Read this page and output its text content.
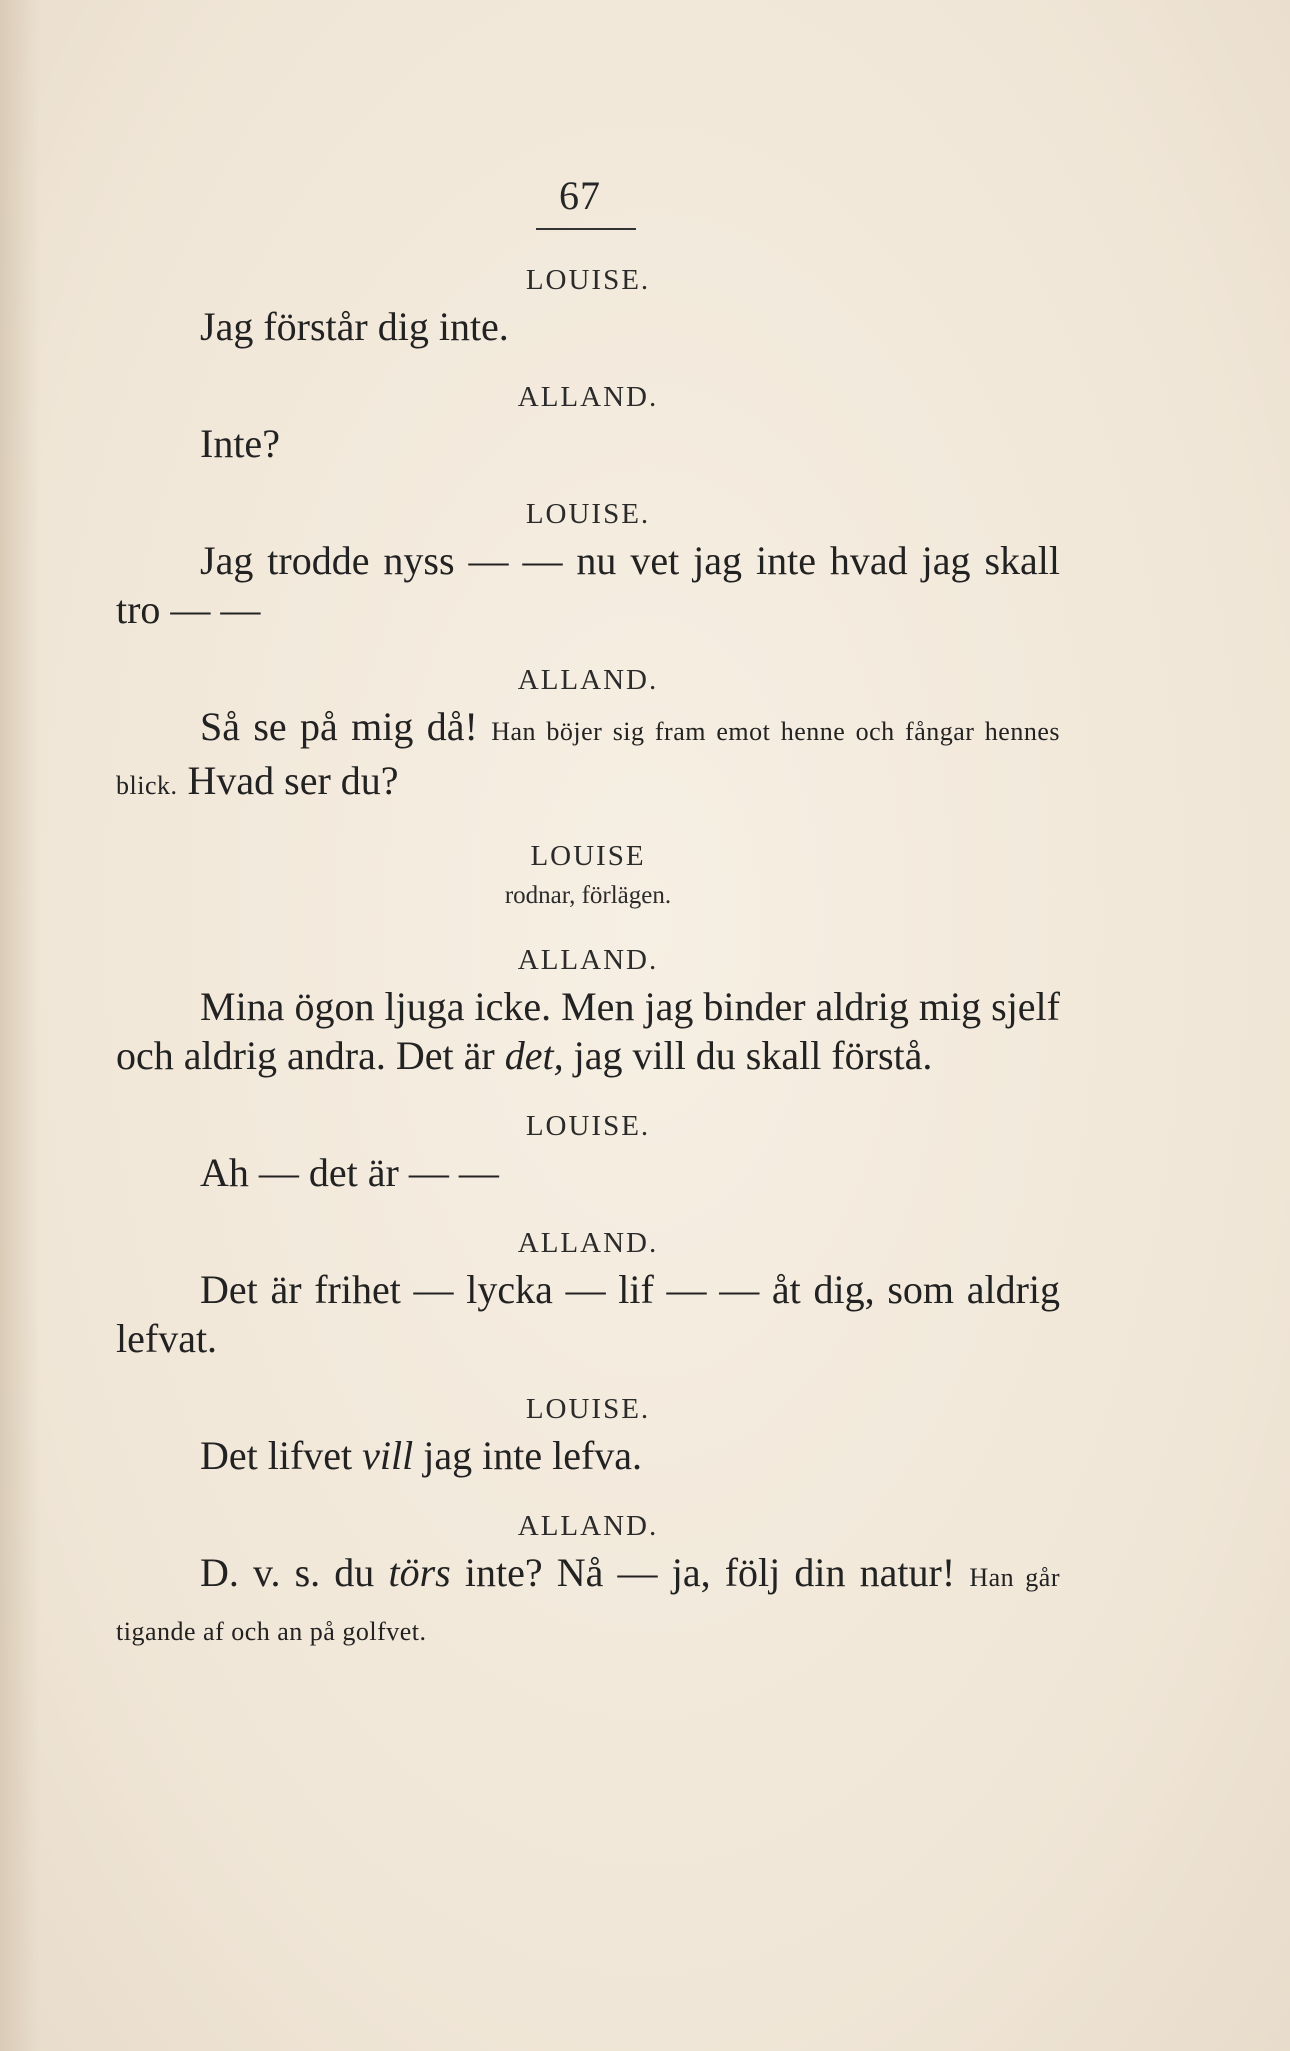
67

LOUISE.

Jag förstår dig inte.

ALLAND.

Inte?

LOUISE.

Jag trodde nyss — — nu vet jag inte hvad jag skall tro — —

ALLAND.

Så se på mig då! Han böjer sig fram emot henne och fångar hennes blick. Hvad ser du?

LOUISE

rodnar, förlägen.

ALLAND.

Mina ögon ljuga icke. Men jag binder aldrig mig sjelf och aldrig andra. Det är det, jag vill du skall förstå.

LOUISE.

Ah — det är — —

ALLAND.

Det är frihet — lycka — lif — — åt dig, som aldrig lefvat.

LOUISE.

Det lifvet vill jag inte lefva.

ALLAND.

D. v. s. du törs inte? Nå — ja, följ din natur! Han går tigande af och an på golfvet.
